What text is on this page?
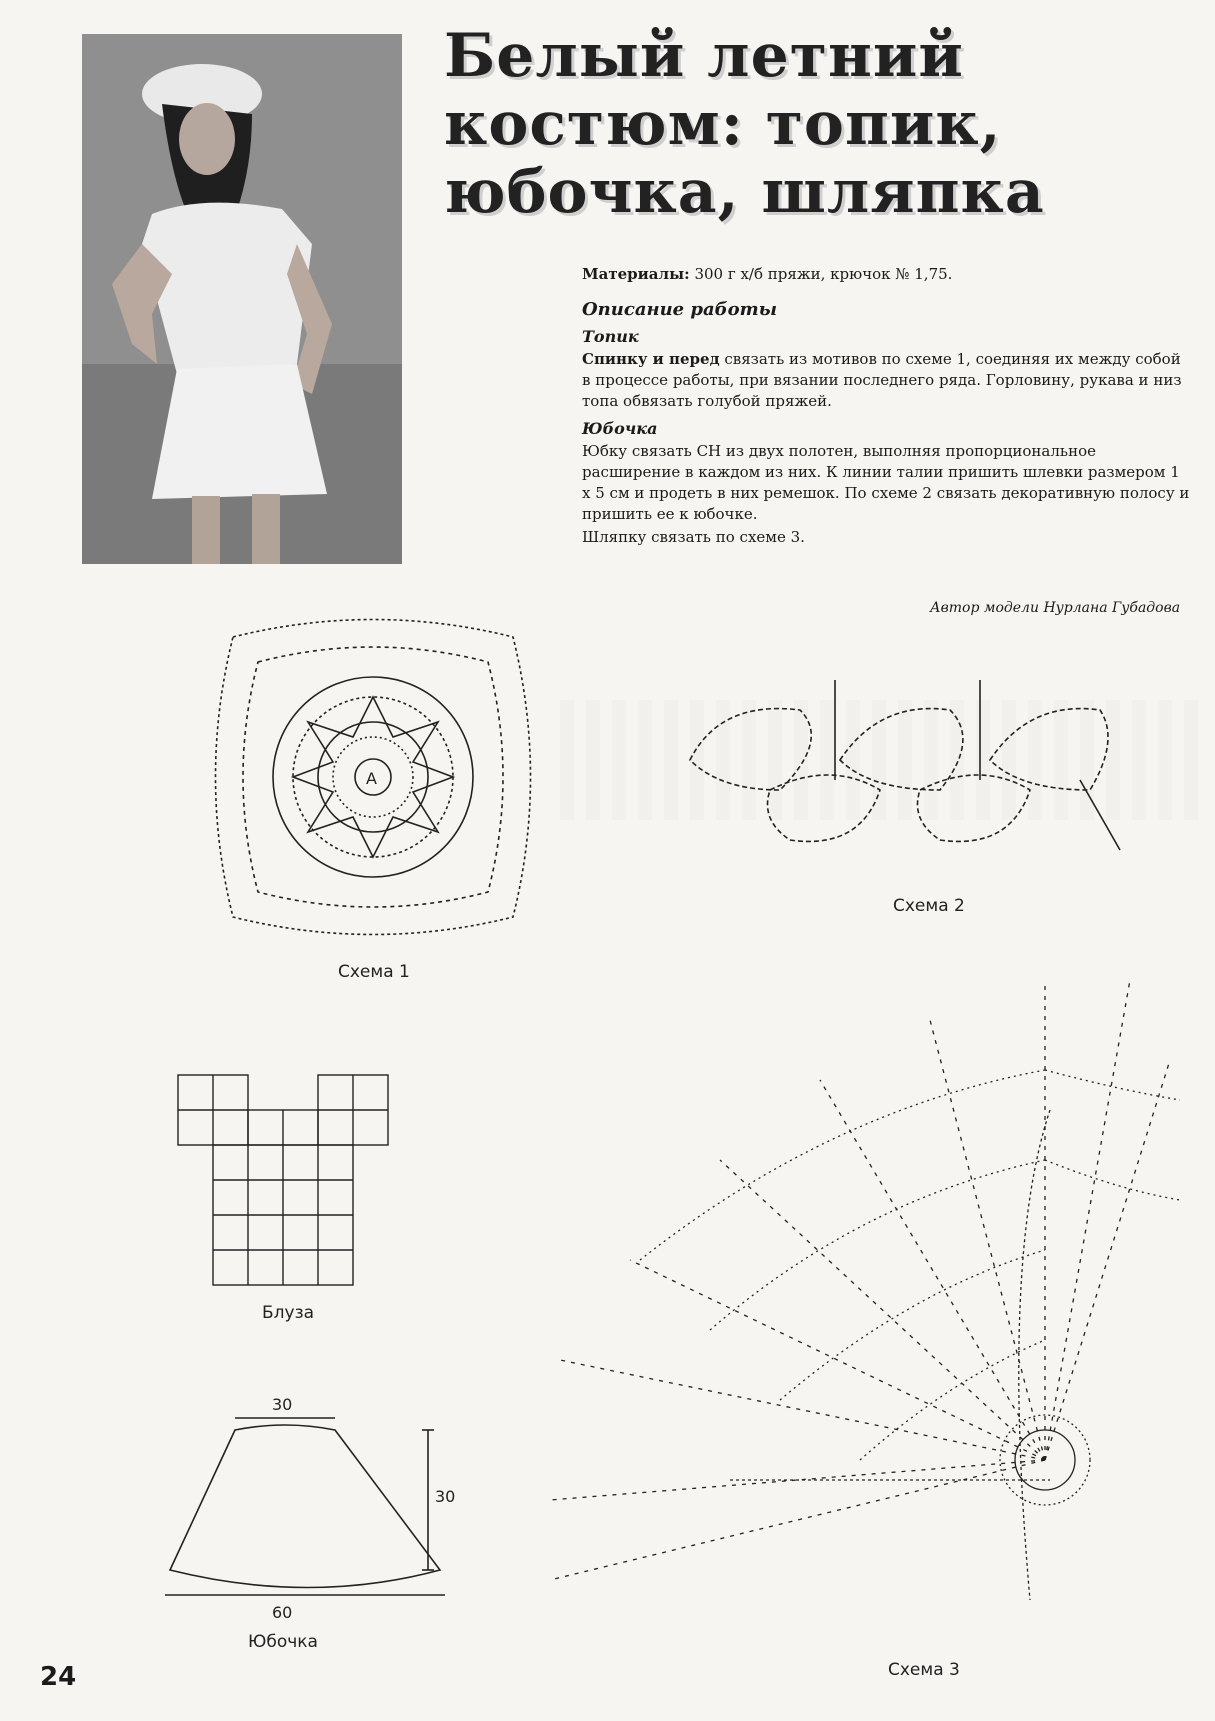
Белый летний
костюм: топик,
юбочка, шляпка
Материалы: 300 г х/б пряжи, крючок № 1,75.
Описание работы
Топик

Спинку и перед связать из мотивов по схеме 1, соединяя их между собой в процессе работы, при вязании последнего ряда. Горловину, рукава и низ топа обвязать голубой пряжей.

Юбочка

Юбку связать СН из двух полотен, выполняя пропорциональное расширение в каждом из них. К линии талии пришить шлевки размером 1 х 5 см и продеть в них ремешок. По схеме 2 связать декоративную полосу и пришить ее к юбочке.

Шляпку связать по схеме 3.

Автор модели Нурлана Губадова
A
Схема 1
Схема 2
Блуза
30
30
60
Юбочка
Схема 3
24
